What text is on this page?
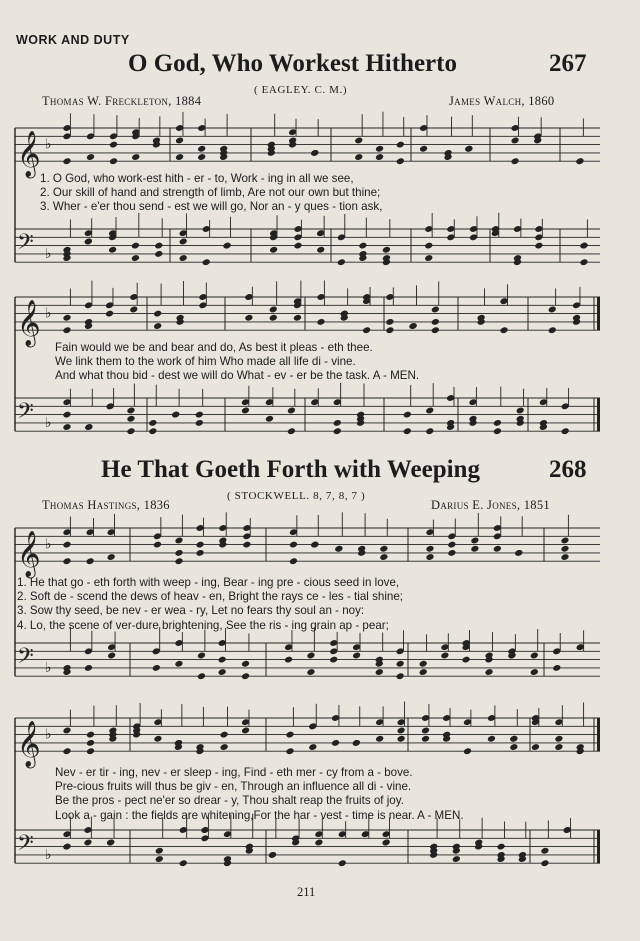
WORK AND DUTY
O God, Who Workest Hitherto	267
( EAGLEY. C. M.)
Thomas W. Freckleton, 1884	James Walch, 1860
1. O God, who work-est hith - er - to, Work - ing in all we see,
2. Our skill of hand and strength of limb, Are not our own but thine;
3. Wher - e'er thou send - est we will go, Nor an - y ques - tion ask,
Fain would we be and bear and do, As best it pleas - eth thee.
We link them to the work of him Who made all life di - vine.
And what thou bid - dest we will do What - ev - er be the task. A - MEN.
He That Goeth Forth with Weeping	268
( STOCKWELL. 8, 7, 8, 7 )
Thomas Hastings, 1836	Darius E. Jones, 1851
1. He that go - eth forth with weep - ing, Bear - ing pre - cious seed in love,
2. Soft de - scend the dews of heav - en, Bright the rays ce - les - tial shine;
3. Sow thy seed, be nev - er wea - ry, Let no fears thy soul an - noy:
4. Lo, the scene of ver-dure brightening, See the ris - ing grain ap - pear;
Nev - er tir - ing, nev - er sleep - ing, Find - eth mer - cy from a - bove.
Pre-cious fruits will thus be giv - en, Through an influence all di - vine.
Be the pros - pect ne'er so drear - y, Thou shalt reap the fruits of joy.
Look a - gain : the fields are whitening,For the har - vest - time is near. A - MEN.
211
𝄞 ♭
𝄢 ♭
𝄞 ♭
𝄢 ♭
𝄞 ♭
𝄢 ♭
𝄞 ♭
𝄢 ♭
